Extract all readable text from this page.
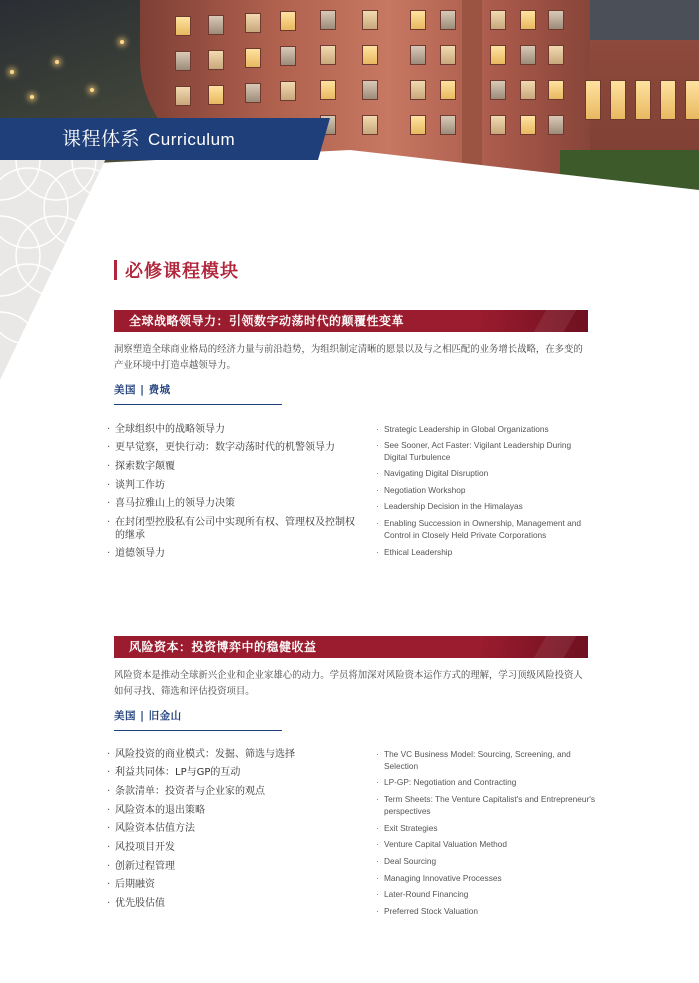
课程体系 Curriculum
必修课程模块
全球战略领导力：引领数字动荡时代的颠覆性变革
洞察塑造全球商业格局的经济力量与前沿趋势，为组织制定清晰的愿景以及与之相匹配的业务增长战略，在多变的产业环境中打造卓越领导力。
美国 | 费城
· 全球组织中的战略领导力
· 更早觉察，更快行动：数字动荡时代的机警领导力
· 探索数字颠覆
· 谈判工作坊
· 喜马拉雅山上的领导力决策
· 在封闭型控股私有公司中实现所有权、管理权及控制权的继承
· 道德领导力
· Strategic Leadership in Global Organizations
· See Sooner, Act Faster: Vigilant Leadership During Digital Turbulence
· Navigating Digital Disruption
· Negotiation Workshop
· Leadership Decision in the Himalayas
· Enabling Succession in Ownership, Management and Control in Closely Held Private Corporations
· Ethical Leadership
风险资本：投资博弈中的稳健收益
风险资本是推动全球新兴企业和企业家雄心的动力。学员将加深对风险资本运作方式的理解，学习顶级风险投资人如何寻找、筛选和评估投资项目。
美国 | 旧金山
· 风险投资的商业模式：发掘、筛选与选择
· 利益共同体：LP与GP的互动
· 条款清单：投资者与企业家的观点
· 风险资本的退出策略
· 风险资本估值方法
· 风投项目开发
· 创新过程管理
· 后期融资
· 优先股估值
· The VC Business Model: Sourcing, Screening, and Selection
· LP-GP: Negotiation and Contracting
· Term Sheets: The Venture Capitalist's and Entrepreneur's perspectives
· Exit Strategies
· Venture Capital Valuation Method
· Deal Sourcing
· Managing Innovative Processes
· Later-Round Financing
· Preferred Stock Valuation
